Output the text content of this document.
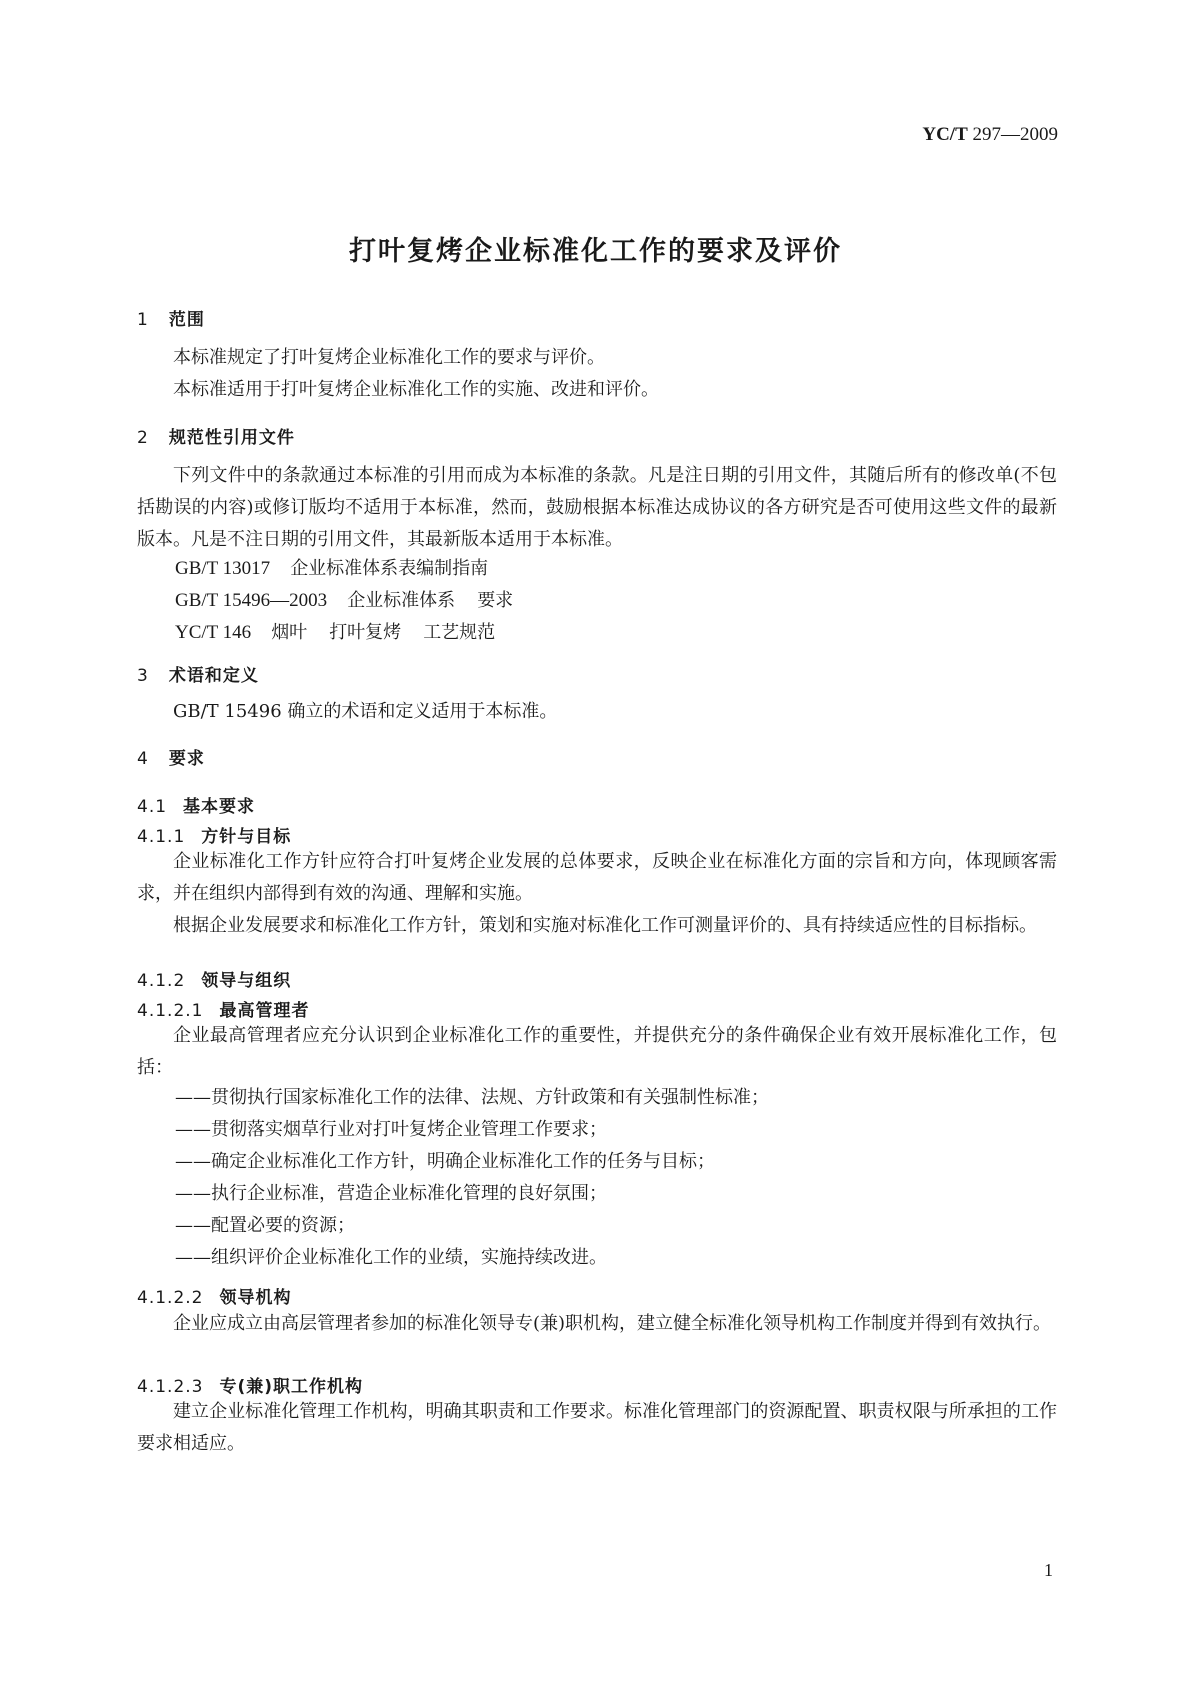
YC/T 297—2009
打叶复烤企业标准化工作的要求及评价
1 范围

本标准规定了打叶复烤企业标准化工作的要求与评价。

本标准适用于打叶复烤企业标准化工作的实施、改进和评价。

2 规范性引用文件

下列文件中的条款通过本标准的引用而成为本标准的条款。凡是注日期的引用文件，其随后所有的修改单(不包括勘误的内容)或修订版均不适用于本标准，然而，鼓励根据本标准达成协议的各方研究是否可使用这些文件的最新版本。凡是不注日期的引用文件，其最新版本适用于本标准。

GB/T 13017 企业标准体系表编制指南
GB/T 15496—2003 企业标准体系 要求
YC/T 146 烟叶 打叶复烤 工艺规范
3 术语和定义

GB/T 15496 确立的术语和定义适用于本标准。

4 要求
4.1 基本要求
4.1.1 方针与目标

企业标准化工作方针应符合打叶复烤企业发展的总体要求，反映企业在标准化方面的宗旨和方向，体现顾客需求，并在组织内部得到有效的沟通、理解和实施。

根据企业发展要求和标准化工作方针，策划和实施对标准化工作可测量评价的、具有持续适应性的目标指标。

4.1.2 领导与组织
4.1.2.1 最高管理者

企业最高管理者应充分认识到企业标准化工作的重要性，并提供充分的条件确保企业有效开展标准化工作，包括：

——贯彻执行国家标准化工作的法律、法规、方针政策和有关强制性标准；
——贯彻落实烟草行业对打叶复烤企业管理工作要求；
——确定企业标准化工作方针，明确企业标准化工作的任务与目标；
——执行企业标准，营造企业标准化管理的良好氛围；
——配置必要的资源；
——组织评价企业标准化工作的业绩，实施持续改进。
4.1.2.2 领导机构

企业应成立由高层管理者参加的标准化领导专(兼)职机构，建立健全标准化领导机构工作制度并得到有效执行。

4.1.2.3 专(兼)职工作机构

建立企业标准化管理工作机构，明确其职责和工作要求。标准化管理部门的资源配置、职责权限与所承担的工作要求相适应。

1
